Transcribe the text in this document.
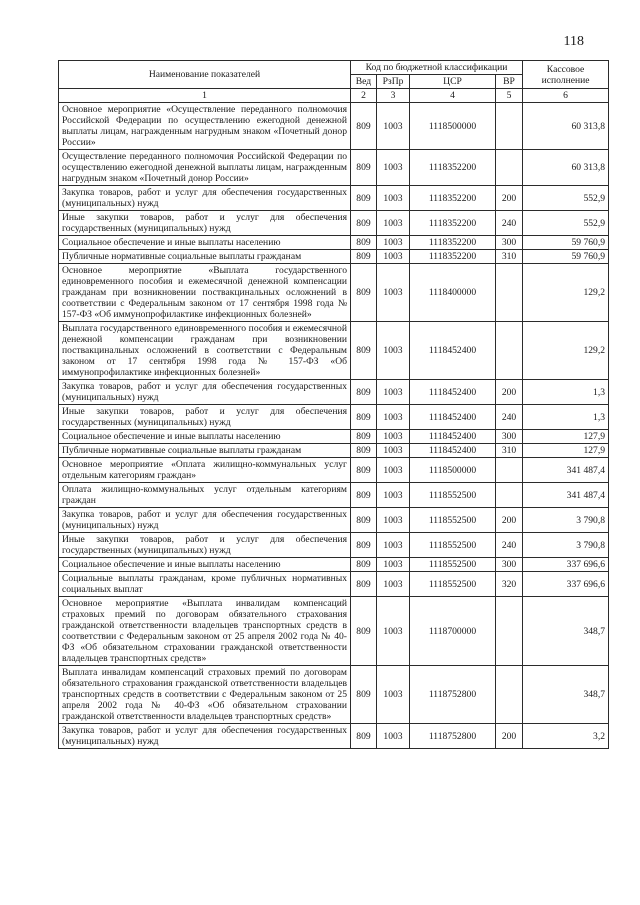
118
Наименование показателей	Код по бюджетной классификации				Кассовое исполнение
	Вед	РзПр	ЦСР	ВР	
1	2	3	4	5	6
Основное мероприятие «Осуществление переданного полномочия Российской Федерации по осуществлению ежегодной денежной выплаты лицам, награжденным нагрудным знаком «Почетный донор России»	809	1003	1118500000		60 313,8
Осуществление переданного полномочия Российской Федерации по осуществлению ежегодной денежной выплаты лицам, награжденным нагрудным знаком «Почетный донор России»	809	1003	1118352200		60 313,8
Закупка товаров, работ и услуг для обеспечения государственных (муниципальных) нужд	809	1003	1118352200	200	552,9
Иные закупки товаров, работ и услуг для обеспечения государственных (муниципальных) нужд	809	1003	1118352200	240	552,9
Социальное обеспечение и иные выплаты населению	809	1003	1118352200	300	59 760,9
Публичные нормативные социальные выплаты гражданам	809	1003	1118352200	310	59 760,9
Основное мероприятие «Выплата государственного единовременного пособия и ежемесячной денежной компенсации гражданам при возникновении поствакцинальных осложнений в соответствии с Федеральным законом от 17 сентября 1998 года № 157-ФЗ «Об иммунопрофилактике инфекционных болезней»	809	1003	1118400000		129,2
Выплата государственного единовременного пособия и ежемесячной денежной компенсации гражданам при возникновении поствакцинальных осложнений в соответствии с Федеральным законом от 17 сентября 1998 года № 157-ФЗ «Об иммунопрофилактике инфекционных болезней»	809	1003	1118452400		129,2
Закупка товаров, работ и услуг для обеспечения государственных (муниципальных) нужд	809	1003	1118452400	200	1,3
Иные закупки товаров, работ и услуг для обеспечения государственных (муниципальных) нужд	809	1003	1118452400	240	1,3
Социальное обеспечение и иные выплаты населению	809	1003	1118452400	300	127,9
Публичные нормативные социальные выплаты гражданам	809	1003	1118452400	310	127,9
Основное мероприятие «Оплата жилищно-коммунальных услуг отдельным категориям граждан»	809	1003	1118500000		341 487,4
Оплата жилищно-коммунальных услуг отдельным категориям граждан	809	1003	1118552500		341 487,4
Закупка товаров, работ и услуг для обеспечения государственных (муниципальных) нужд	809	1003	1118552500	200	3 790,8
Иные закупки товаров, работ и услуг для обеспечения государственных (муниципальных) нужд	809	1003	1118552500	240	3 790,8
Социальное обеспечение и иные выплаты населению	809	1003	1118552500	300	337 696,6
Социальные выплаты гражданам, кроме публичных нормативных социальных выплат	809	1003	1118552500	320	337 696,6
Основное мероприятие «Выплата инвалидам компенсаций страховых премий по договорам обязательного страхования гражданской ответственности владельцев транспортных средств в соответствии с Федеральным законом от 25 апреля 2002 года № 40-ФЗ «Об обязательном страховании гражданской ответственности владельцев транспортных средств»	809	1003	1118700000		348,7
Выплата инвалидам компенсаций страховых премий по договорам обязательного страхования гражданской ответственности владельцев транспортных средств в соответствии с Федеральным законом от 25 апреля 2002 года № 40-ФЗ «Об обязательном страховании гражданской ответственности владельцев транспортных средств»	809	1003	1118752800		348,7
Закупка товаров, работ и услуг для обеспечения государственных (муниципальных) нужд	809	1003	1118752800	200	3,2
